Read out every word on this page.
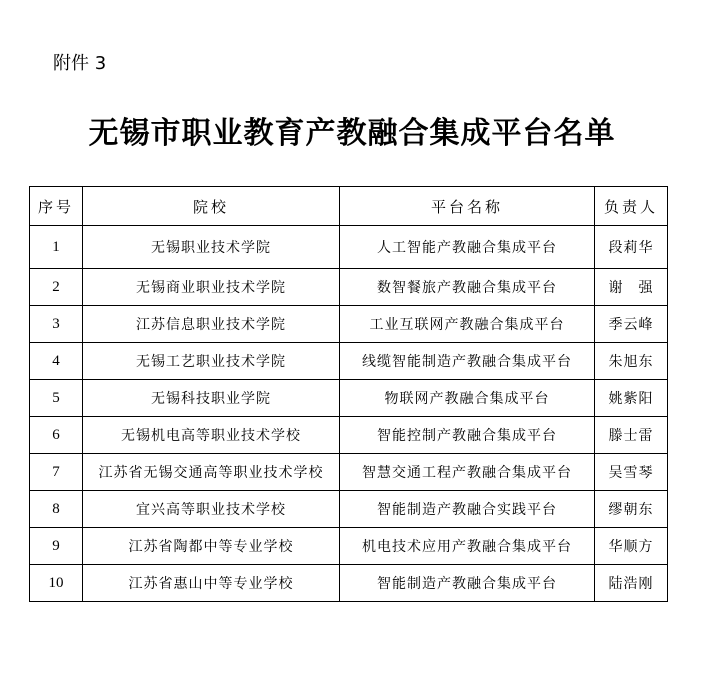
附件 3
无锡市职业教育产教融合集成平台名单
序号	院校	平台名称	负责人
1	无锡职业技术学院	人工智能产教融合集成平台	段莉华
2	无锡商业职业技术学院	数智餐旅产教融合集成平台	谢　强
3	江苏信息职业技术学院	工业互联网产教融合集成平台	季云峰
4	无锡工艺职业技术学院	线缆智能制造产教融合集成平台	朱旭东
5	无锡科技职业学院	物联网产教融合集成平台	姚紫阳
6	无锡机电高等职业技术学校	智能控制产教融合集成平台	滕士雷
7	江苏省无锡交通高等职业技术学校	智慧交通工程产教融合集成平台	吴雪琴
8	宜兴高等职业技术学校	智能制造产教融合实践平台	缪朝东
9	江苏省陶都中等专业学校	机电技术应用产教融合集成平台	华顺方
10	江苏省惠山中等专业学校	智能制造产教融合集成平台	陆浩刚
